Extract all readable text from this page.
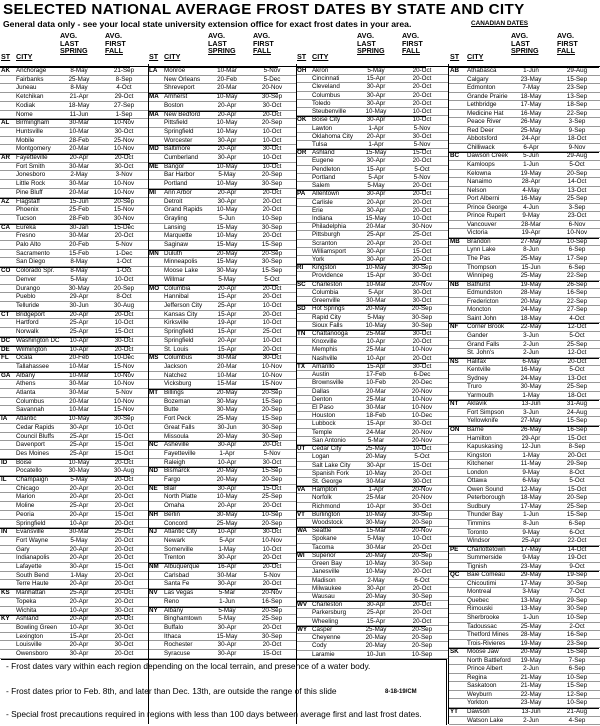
SELECTED NATIONAL AVERAGE FROST DATES BY STATE AND CITY
General data only - see your local state university extension office for exact frost dates in your area.	CANADIAN DATES
ST CITY
AVG.
LAST
SPRING
AVG.
FIRST
FALL
AK Anchorage	8-May	21-Sep
Fairbanks	25-May	8-Sep
Juneau	8-May	4-Oct
Ketchikan	21-Apr	29-Oct
Kodiak	18-May	27-Sep
Nome	11-Jun	1-Sep
AL Birmingham	30-Mar	10-Nov
Huntsville	10-Mar	30-Oct
Mobile	28-Feb	25-Nov
Montgomery	20-Mar	10-Nov
AR Fayetteville	20-Apr	20-Oct
Fort Smith	30-Mar	30-Oct
Jonesboro	2-May	3-Nov
Little Rock	30-Mar	10-Nov
Pine Bluff	20-Mar	10-Nov
AZ Flagstaff	15-Jun	20-Sep
Phoenix	25-Feb	15-Nov
Tucson	28-Feb	30-Nov
CA Eureka	30-Jan	15-Dec
Fresno	30-Mar	20-Oct
Palo Alto	20-Feb	5-Nov
Sacramento	15-Feb	1-Dec
San Diego	8-May	1-Oct
CO Colorado Spr.	8-May	1-Oct
Denver	5-May	10-Oct
Durango	30-May	20-Sep
Pueblo	29-Apr	8-Oct
Telluride	30-Jun	30-Aug
CT Bridgeport	20-Apr	20-Oct
Hartford	25-Apr	10-Oct
Norwalk	25-Apr	15-Oct
DC Washington DC	10-Apr	30-Oct
DE Wilmington	10-Apr	20-Oct
FL Ocala	20-Feb	10-Dec
Tallahassee	10-Mar	15-Nov
GA Albany	10-Mar	10-Nov
Athens	30-Mar	10-Nov
Atlanta	30-Mar	5-Nov
Columbus	20-Mar	10-Nov
Savannah	10-Mar	15-Nov
IA Atlantic	10-May	30-Sep
Cedar Rapids	30-Apr	10-Oct
Council Bluffs	25-Apr	15-Oct
Davenport	25-Apr	15-Oct
Des Moines	25-Apr	15-Oct
ID Boise	10-May	20-Oct
Pocatello	30-May	30-Aug
IL Champaign	5-May	20-Oct
Chicago	20-Apr	20-Oct
Marion	20-Apr	20-Oct
Moline	25-Apr	20-Oct
Peoria	20-Apr	15-Oct
Springfield	10-Apr	20-Oct
IN Evansville	30-Mar	25-Oct
Fort Wayne	5-May	20-Oct
Gary	20-Apr	20-Oct
Indianapolis	20-Apr	20-Oct
Lafayette	30-Apr	15-Oct
South Bend	1-May	20-Oct
Terre Haute	20-Apr	20-Oct
KS Manhattan	25-Apr	20-Oct
Topeka	20-Apr	20-Oct
Wichita	10-Apr	30-Oct
KY Ashland	20-Apr	20-Oct
Bowling Green	10-Apr	30-Oct
Lexington	15-Apr	20-Oct
Louisville	20-Apr	30-Oct
Owensboro	30-Apr	20-Oct
ST CITY
AVG.
LAST
SPRING
AVG.
FIRST
FALL
LA Monroe	10-Mar	5-Nov
New Orleans	20-Feb	5-Dec
Shreveport	20-Mar	20-Nov
MA Amherst	10-May	30-Sep
Boston	20-Apr	30-Oct
MA New Bedford	20-Apr	20-Oct
Pittsfield	10-May	20-Sep
Springfield	10-May	10-Oct
Worcester	30-Apr	10-Oct
MD Baltimore	20-Apr	30-Oct
Cumberland	30-Apr	10-Oct
ME Bangor	10-May	10-Oct
Bar Harbor	5-May	20-Sep
Portland	10-May	30-Sep
MI Ann Arbor	20-Apr	20-Oct
Detroit	30-Apr	20-Oct
Grand Rapids	10-May	20-Oct
Grayling	5-Jun	10-Sep
Lansing	15-May	30-Sep
Marquette	10-May	20-Oct
Saginaw	15-May	15-Sep
MN Duluth	20-May	20-Sep
Minneapolis	15-May	30-Sep
Moose Lake	30-May	15-Sep
Willmar	5-May	5-Oct
MO Columbia	20-Apr	20-Oct
Hannibal	15-Apr	20-Oct
Jefferson City	25-Apr	10-Oct
Kansas City	15-Apr	20-Oct
Kirksville	19-Apr	10-Oct
Springfield	15-Apr	25-Oct
Springfield	20-Apr	10-Oct
St. Louis	15-Apr	20-Oct
MS Columbus	30-Mar	30-Oct
Jackson	20-Mar	10-Nov
Natchez	10-Mar	10-Nov
Vicksburg	15-Mar	15-Nov
MT Billings	20-May	20-Sep
Bozeman	30-May	15-Sep
Butte	30-May	20-Sep
Fort Peck	25-May	15-Sep
Great Falls	30-Jun	30-Sep
Missoula	20-May	30-Sep
NC Asheville	30-Apr	20-Oct
Fayetteville	1-Apr	5-Nov
Raleigh	10-Apr	30-Oct
ND Bismarck	20-May	15-Sep
Fargo	20-May	20-Sep
NE Blair	30-Apr	15-Oct
North Platte	10-May	25-Sep
Omaha	20-Apr	20-Oct
NH Berlin	30-May	10-Sep
Concord	25-May	20-Sep
NJ Atlantic City	10-Apr	30-Oct
Newark	5-Apr	10-Nov
Somerville	1-May	10-Oct
Trenton	30-Apr	20-Oct
NM Albuquerque	16-Apr	20-Oct
Carlsbad	30-Mar	5-Nov
Santa Fe	30-Apr	20-Oct
NV Las Vegas	5-Mar	20-Nov
Reno	1-Jun	16-Sep
NY Albany	5-May	20-Sep
Binghamtown	5-May	25-Sep
Buffalo	30-Apr	20-Oct
Ithaca	15-May	30-Sep
Rochester	30-Apr	20-Oct
Syracuse	30-Apr	15-Oct
ST CITY
AVG.
LAST
SPRING
AVG.
FIRST
FALL
OH Akron	5-May	20-Oct
Cincinnati	15-Apr	20-Oct
Cleveland	30-Apr	20-Oct
Columbus	30-Apr	20-Oct
Toledo	30-Apr	20-Oct
Steubenville	10-May	10-Oct
OK Boise City	30-Apr	10-Oct
Lawton	1-Apr	5-Nov
Oklahoma City	20-Apr	30-Oct
Tulsa	1-Apr	5-Nov
OR Ashland	15-May	15-Oct
Eugene	30-Apr	20-Oct
Pendleton	15-Apr	5-Oct
Portland	5-Apr	5-Nov
Salem	5-May	20-Oct
PA Allentown	30-Apr	20-Oct
Carlisle	20-Apr	20-Oct
Erie	30-Apr	20-Oct
Indiana	15-May	10-Oct
Philadelphia	20-Mar	30-Nov
Pittsburgh	25-Apr	25-Oct
Scranton	20-Apr	20-Oct
Williamsport	30-Apr	15-Oct
York	30-Apr	20-Oct
RI Kingston	10-May	30-Sep
Providence	15-Apr	30-Oct
SC Charleston	10-Mar	20-Nov
Columbia	5-Apr	30-Oct
Greenville	30-Mar	30-Oct
SD Hot Springs	20-May	20-Sep
Rapid City	5-May	30-Sep
Sioux Falls	10-May	30-Sep
TN Chattanooga	25-Mar	30-Oct
Knoxville	10-Apr	20-Oct
Memphis	25-Mar	10-Nov
Nashville	10-Apr	20-Oct
TX Amarillo	15-Apr	30-Oct
Austin	17-Feb	6-Dec
Brownsville	10-Feb	20-Dec
Dallas	20-Mar	20-Nov
Denton	25-Mar	10-Nov
El Paso	30-Mar	10-Nov
Houston	18-Feb	10-Dec
Lubbock	15-Apr	30-Oct
Temple	24-Mar	20-Nov
San Antonio	5-Mar	20-Nov
UT Cedar City	25-May	10-Oct
Logan	20-May	5-Oct
Salt Lake City	30-Apr	15-Oct
Spanish Fork	10-May	20-Oct
St. George	30-Mar	30-Oct
VA Hampton	1-Apr	20-Nov
Norfolk	25-Mar	20-Nov
Richmond	10-Apr	30-Oct
VT Burlington	10-May	30-Sep
Woodstock	30-May	20-Sep
WA Seattle	15-Mar	20-Nov
Spokane	5-May	10-Oct
Tacoma	30-Mar	20-Oct
WI Superior	20-May	20-Sep
Green Bay	10-May	30-Sep
Janesville	10-May	20-Oct
Madison	2-May	6-Oct
Milwaukee	30-Apr	20-Oct
Wausau	20-May	30-Sep
WV Charleston	30-Apr	20-Oct
Parkersburg	25-Apr	20-Oct
Wheeling	15-Apr	20-Oct
WY Casper	25-May	20-Sep
Cheyenne	20-May	20-Sep
Cody	20-May	20-Sep
Laramie	10-Jun	10-Sep
ST CITY
AVG.
LAST
SPRING
AVG.
FIRST
FALL
AB Athabasca	1-Jun	29-Aug
Calgary	23-May	15-Sep
Edmonton	7-May	23-Sep
Grande Prairie	18-May	13-Sep
Lethbridge	17-May	18-Sep
Medicine Hat	16-May	22-Sep
Peace River	26-May	3-Sep
Red Deer	25-May	9-Sep
Abbotsford	24-Apr	18-Oct
Chilliwack	6-Apr	9-Nov
BC Dawson Creek	5-Jun	29-Aug
Kamloops	1-Jun	5-Oct
Kelowna	19-May	20-Sep
Nanaimo	28-Apr	14-Oct
Nelson	4-May	13-Oct
Port Alberni	16-May	25-Sep
Prince George	4-Jun	3-Sep
Prince Rupert	9-May	23-Oct
Vancouver	28-Mar	6-Nov
Victoria	19-Apr	10-Nov
MB Brandon	27-May	10-Sep
Lynn Lake	8-Jun	6-Sep
The Pas	25-May	17-Sep
Thompson	15-Jun	6-Sep
Winnipeg	25-May	22-Sep
NB Bathurst	19-May	26-Sep
Edmundston	28-May	16-Sep
Fredericton	20-May	22-Sep
Moncton	24-May	27-Sep
Saint John	18-May	4-Oct
NF Corner Brook	22-May	12-Oct
Gander	3-Jun	5-Oct
Grand Falls	2-Jun	25-Sep
St. John's	2-Jun	12-Oct
NS Halifax	6-May	20-Oct
Kentville	16-May	5-Oct
Sydney	24-May	13-Oct
Truro	30-May	25-Sep
Yarmouth	1-May	18-Oct
NT Aklavik	13-Jun	31-Aug
Fort Simpson	3-Jun	24-Aug
Yellowknife	27-May	15-Sep
ON Barrie	26-May	16-Sep
Hamilton	29-Apr	15-Oct
Kapuskasing	12-Jun	8-Sep
Kingston	1-May	20-Oct
Kitchener	11-May	29-Sep
London	9-May	8-Oct
Ottawa	6-May	5-Oct
Owen Sound	12-May	15-Oct
Peterborough	18-May	20-Sep
Sudbury	17-May	25-Sep
Thunder Bay	1-Jun	15-Sep
Timmins	8-Jun	6-Sep
Toronto	9-May	6-Oct
Windsor	25-Apr	22-Oct
PE Charlottetown	17-May	14-Oct
Summerside	9-May	19-Oct
Tignish	23-May	9-Oct
QC Baie Comeau	29-May	19-Sep
Chicoutimi	17-May	30-Sep
Montreal	3-May	7-Oct
Quebec	13-May	29-Sep
Rimouski	13-May	30-Sep
Sherbrooke	1-Jun	10-Sep
Tadoussac	25-May	2-Oct
Thetford Mines	28-May	16-Sep
Trois-Rivieres	19-May	23-Sep
SK Moose Jaw	20-May	15-Sep
North Battleford	19-May	7-Sep
Prince Albert	2-Jun	6-Sep
Regina	21-May	10-Sep
Saskatoon	21-May	15-Sep
Weyburn	22-May	12-Sep
Yorkton	23-May	10-Sep
YT Dawson	13-Jun	21-Aug
Watson Lake	2-Jun	4-Sep
- Frost dates vary within each region depending on the local terrain, and presence of a water body.
- Frost dates prior to Feb. 8th, and later than Dec. 13th, are outside the range of this slide
- Special frost precautions required in regions with less than 100 days between average first and last frost dates.
8-18-19/CM
